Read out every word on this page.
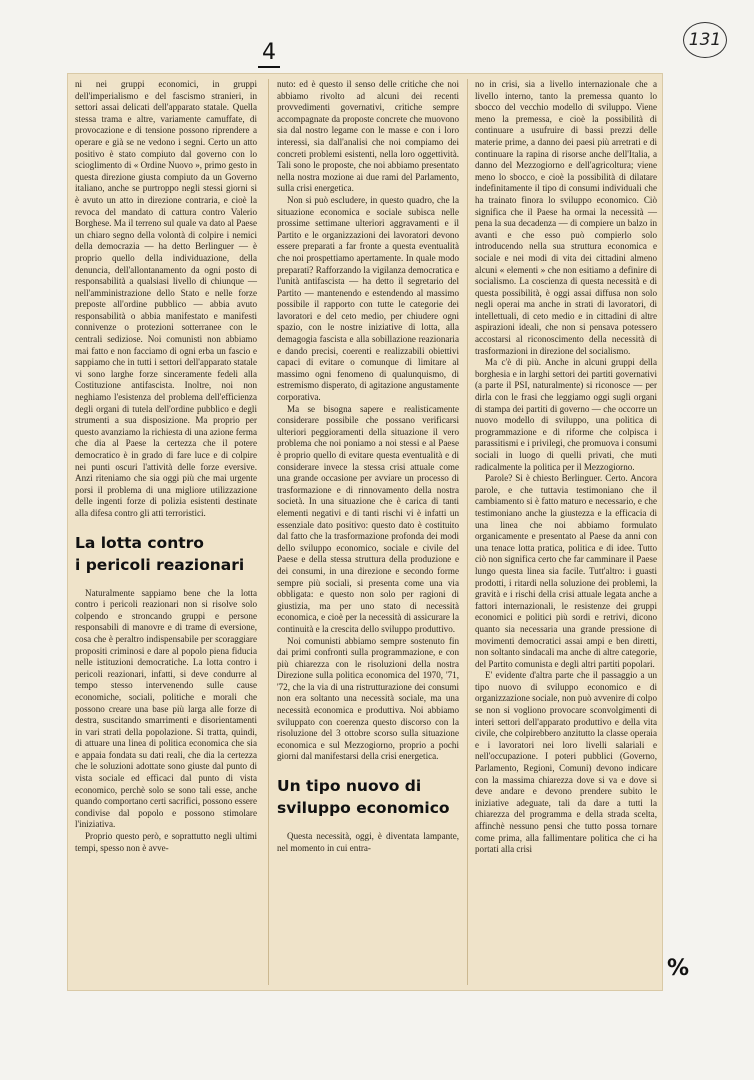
131
4

ni nei gruppi economici, in gruppi dell'imperialismo e del fascismo stranieri, in settori assai delicati dell'apparato statale. Quella stessa trama e altre, variamente camuffate, di provocazione e di tensione possono riprendere a operare e già se ne vedono i segni. Certo un atto positivo è stato compiuto dal governo con lo scioglimento di « Ordine Nuovo », primo gesto in questa direzione giusta compiuto da un Governo italiano, anche se purtroppo negli stessi giorni si è avuto un atto in direzione contraria, e cioè la revoca del mandato di cattura contro Valerio Borghese. Ma il terreno sul quale va dato al Paese un chiaro segno della volontà di colpire i nemici della democrazia — ha detto Berlinguer — è proprio quello della individuazione, della denuncia, dell'allontanamento da ogni posto di responsabilità a qualsiasi livello di chiunque — nell'amministrazione dello Stato e nelle forze preposte all'ordine pubblico — abbia avuto responsabilità o abbia manifestato e manifesti connivenze o protezioni sotterranee con le centrali sediziose. Noi comunisti non abbiamo mai fatto e non facciamo di ogni erba un fascio e sappiamo che in tutti i settori dell'apparato statale vi sono larghe forze sinceramente fedeli alla Costituzione antifascista. Inoltre, noi non neghiamo l'esistenza del problema dell'efficienza degli organi di tutela dell'ordine pubblico e degli strumenti a sua disposizione. Ma proprio per questo avanziamo la richiesta di una azione ferma che dia al Paese la certezza che il potere democratico è in grado di fare luce e di colpire nei punti oscuri l'attività delle forze eversive. Anzi riteniamo che sia oggi più che mai urgente porsi il problema di una migliore utilizzazione delle ingenti forze di polizia esistenti destinate alla difesa contro gli atti terroristici.

La lotta contro
i pericoli reazionari

Naturalmente sappiamo bene che la lotta contro i pericoli reazionari non si risolve solo colpendo e stroncando gruppi e persone responsabili di manovre e di trame di eversione, cosa che è peraltro indispensabile per scoraggiare propositi criminosi e dare al popolo piena fiducia nelle istituzioni democratiche. La lotta contro i pericoli reazionari, infatti, si deve condurre al tempo stesso intervenendo sulle cause economiche, sociali, politiche e morali che possono creare una base più larga alle forze di destra, suscitando smarrimenti e disorientamenti in vari strati della popolazione. Si tratta, quindi, di attuare una linea di politica economica che sia e appaia fondata su dati reali, che dia la certezza che le soluzioni adottate sono giuste dal punto di vista sociale ed efficaci dal punto di vista economico, perchè solo se sono tali esse, anche quando comportano certi sacrifici, possono essere condivise dal popolo e possono stimolare l'iniziativa.

Proprio questo però, e soprattutto negli ultimi tempi, spesso non è avve-

nuto: ed è questo il senso delle critiche che noi abbiamo rivolto ad alcuni dei recenti provvedimenti governativi, critiche sempre accompagnate da proposte concrete che muovono sia dal nostro legame con le masse e con i loro interessi, sia dall'analisi che noi compiamo dei concreti problemi esistenti, nella loro oggettività. Tali sono le proposte, che noi abbiamo presentato nella nostra mozione ai due rami del Parlamento, sulla crisi energetica.

Non si può escludere, in questo quadro, che la situazione economica e sociale subisca nelle prossime settimane ulteriori aggravamenti e il Partito e le organizzazioni dei lavoratori devono essere preparati a far fronte a questa eventualità che noi prospettiamo apertamente. In quale modo preparati? Rafforzando la vigilanza democratica e l'unità antifascista — ha detto il segretario del Partito — mantenendo e estendendo al massimo possibile il rapporto con tutte le categorie dei lavoratori e del ceto medio, per chiudere ogni spazio, con le nostre iniziative di lotta, alla demagogia fascista e alla sobillazione reazionaria e dando precisi, coerenti e realizzabili obiettivi capaci di evitare o comunque di limitare al massimo ogni fenomeno di qualunquismo, di estremismo disperato, di agitazione angustamente corporativa.

Ma se bisogna sapere e realisticamente considerare possibile che possano verificarsi ulteriori peggioramenti della situazione il vero problema che noi poniamo a noi stessi e al Paese è proprio quello di evitare questa eventualità e di considerare invece la stessa crisi attuale come una grande occasione per avviare un processo di trasformazione e di rinnovamento della nostra società. In una situazione che è carica di tanti elementi negativi e di tanti rischi vi è infatti un essenziale dato positivo: questo dato è costituito dal fatto che la trasformazione profonda dei modi dello sviluppo economico, sociale e civile del Paese e della stessa struttura della produzione e dei consumi, in una direzione e secondo forme sempre più sociali, si presenta come una via obbligata: e questo non solo per ragioni di giustizia, ma per uno stato di necessità economica, e cioè per la necessità di assicurare la continuità e la crescita dello sviluppo produttivo.

Noi comunisti abbiamo sempre sostenuto fin dai primi confronti sulla programmazione, e con più chiarezza con le risoluzioni della nostra Direzione sulla politica economica del 1970, '71, '72, che la via di una ristrutturazione dei consumi non era soltanto una necessità sociale, ma una necessità economica e produttiva. Noi abbiamo sviluppato con coerenza questo discorso con la risoluzione del 3 ottobre scorso sulla situazione economica e sul Mezzogiorno, proprio a pochi giorni dal manifestarsi della crisi energetica.

Un tipo nuovo di
sviluppo economico

Questa necessità, oggi, è diventata lampante, nel momento in cui entra-

no in crisi, sia a livello internazionale che a livello interno, tanto la premessa quanto lo sbocco del vecchio modello di sviluppo. Viene meno la premessa, e cioè la possibilità di continuare a usufruire di bassi prezzi delle materie prime, a danno dei paesi più arretrati e di continuare la rapina di risorse anche dell'Italia, a danno del Mezzogiorno e dell'agricoltura; viene meno lo sbocco, e cioè la possibilità di dilatare indefinitamente il tipo di consumi individuali che ha trainato finora lo sviluppo economico. Ciò significa che il Paese ha ormai la necessità — pena la sua decadenza — di compiere un balzo in avanti e che esso può compierlo solo introducendo nella sua struttura economica e sociale e nei modi di vita dei cittadini almeno alcuni « elementi » che non esitiamo a definire di socialismo. La coscienza di questa necessità e di questa possibilità, è oggi assai diffusa non solo negli operai ma anche in strati di lavoratori, di intellettuali, di ceto medio e in cittadini di altre aspirazioni ideali, che non si pensava potessero accostarsi al riconoscimento della necessità di trasformazioni in direzione del socialismo.

Ma c'è di più. Anche in alcuni gruppi della borghesia e in larghi settori dei partiti governativi (a parte il PSI, naturalmente) si riconosce — per dirla con le frasi che leggiamo oggi sugli organi di stampa dei partiti di governo — che occorre un nuovo modello di sviluppo, una politica di programmazione e di riforme che colpisca i parassitismi e i privilegi, che promuova i consumi sociali in luogo di quelli privati, che muti radicalmente la politica per il Mezzogiorno.

Parole? Si è chiesto Berlinguer. Certo. Ancora parole, e che tuttavia testimoniano che il cambiamento si è fatto maturo e necessario, e che testimoniano anche la giustezza e la efficacia di una linea che noi abbiamo formulato organicamente e presentato al Paese da anni con una tenace lotta pratica, politica e di idee. Tutto ciò non significa certo che far camminare il Paese lungo questa linea sia facile. Tutt'altro: i guasti prodotti, i ritardi nella soluzione dei problemi, la gravità e i rischi della crisi attuale legata anche a fattori internazionali, le resistenze dei gruppi economici e politici più sordi e retrivi, dicono quanto sia necessaria una grande pressione di movimenti democratici assai ampi e ben diretti, non soltanto sindacali ma anche di altre categorie, del Partito comunista e degli altri partiti popolari.

E' evidente d'altra parte che il passaggio a un tipo nuovo di sviluppo economico e di organizzazione sociale, non può avvenire di colpo se non si vogliono provocare sconvolgimenti di interi settori dell'apparato produttivo e della vita civile, che colpirebbero anzitutto la classe operaia e i lavoratori nei loro livelli salariali e nell'occupazione. I poteri pubblici (Governo, Parlamento, Regioni, Comuni) devono indicare con la massima chiarezza dove si va e dove si deve andare e devono prendere subito le iniziative adeguate, tali da dare a tutti la chiarezza del programma e della strada scelta, affinchè nessuno pensi che tutto possa tornare come prima, alla fallimentare politica che ci ha portati alla crisi

%
